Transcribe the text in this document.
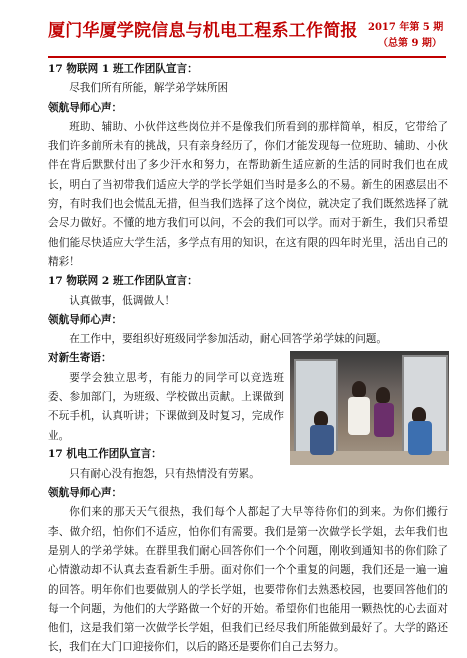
厦门华厦学院信息与机电工程系工作简报 2017 年第 5 期
（总第 9 期）

17 物联网 1 班工作团队宣言：

尽我们所有所能，解学弟学妹所困

领航导师心声：

班助、辅助、小伙伴这些岗位并不是像我们所看到的那样简单，相反，它带给了我们许多前所未有的挑战，只有亲身经历了，你们才能发现每一位班助、辅助、小伙伴在背后默默付出了多少汗水和努力，在帮助新生适应新的生活的同时我们也在成长，明白了当初带我们适应大学的学长学姐们当时是多么的不易。新生的困惑层出不穷，有时我们也会慌乱无措，但当我们选择了这个岗位，就决定了我们既然选择了就会尽力做好。不懂的地方我们可以问，不会的我们可以学。而对于新生，我们只希望他们能尽快适应大学生活，多学点有用的知识，在这有限的四年时光里，活出自己的精彩！

17 物联网 2 班工作团队宣言：

认真做事，低调做人！

领航导师心声：

在工作中，要组织好班级同学参加活动，耐心回答学弟学妹的问题。

对新生寄语：

要学会独立思考，有能力的同学可以竞选班委、参加部门，为班级、学校做出贡献。上课做到不玩手机，认真听讲；下课做到及时复习，完成作业。

17 机电工作团队宣言：

只有耐心没有抱怨，只有热情没有劳累。

领航导师心声：

你们来的那天天气很热，我们每个人都起了大早等待你们的到来。为你们搬行李、做介绍，怕你们不适应，怕你们有需要。我们是第一次做学长学姐，去年我们也是别人的学弟学妹。在群里我们耐心回答你们一个个问题，刚收到通知书的你们除了心情激动却不认真去查看新生手册。面对你们一个个重复的问题，我们还是一遍一遍的回答。明年你们也要做别人的学长学姐，也要带你们去熟悉校园，也要回答他们的每一个问题，为他们的大学路做一个好的开始。希望你们也能用一颗热忱的心去面对他们，这是我们第一次做学长学姐，但我们已经尽我们所能做到最好了。大学的路还长，我们在大门口迎接你们，以后的路还是要你们自己去努力。
